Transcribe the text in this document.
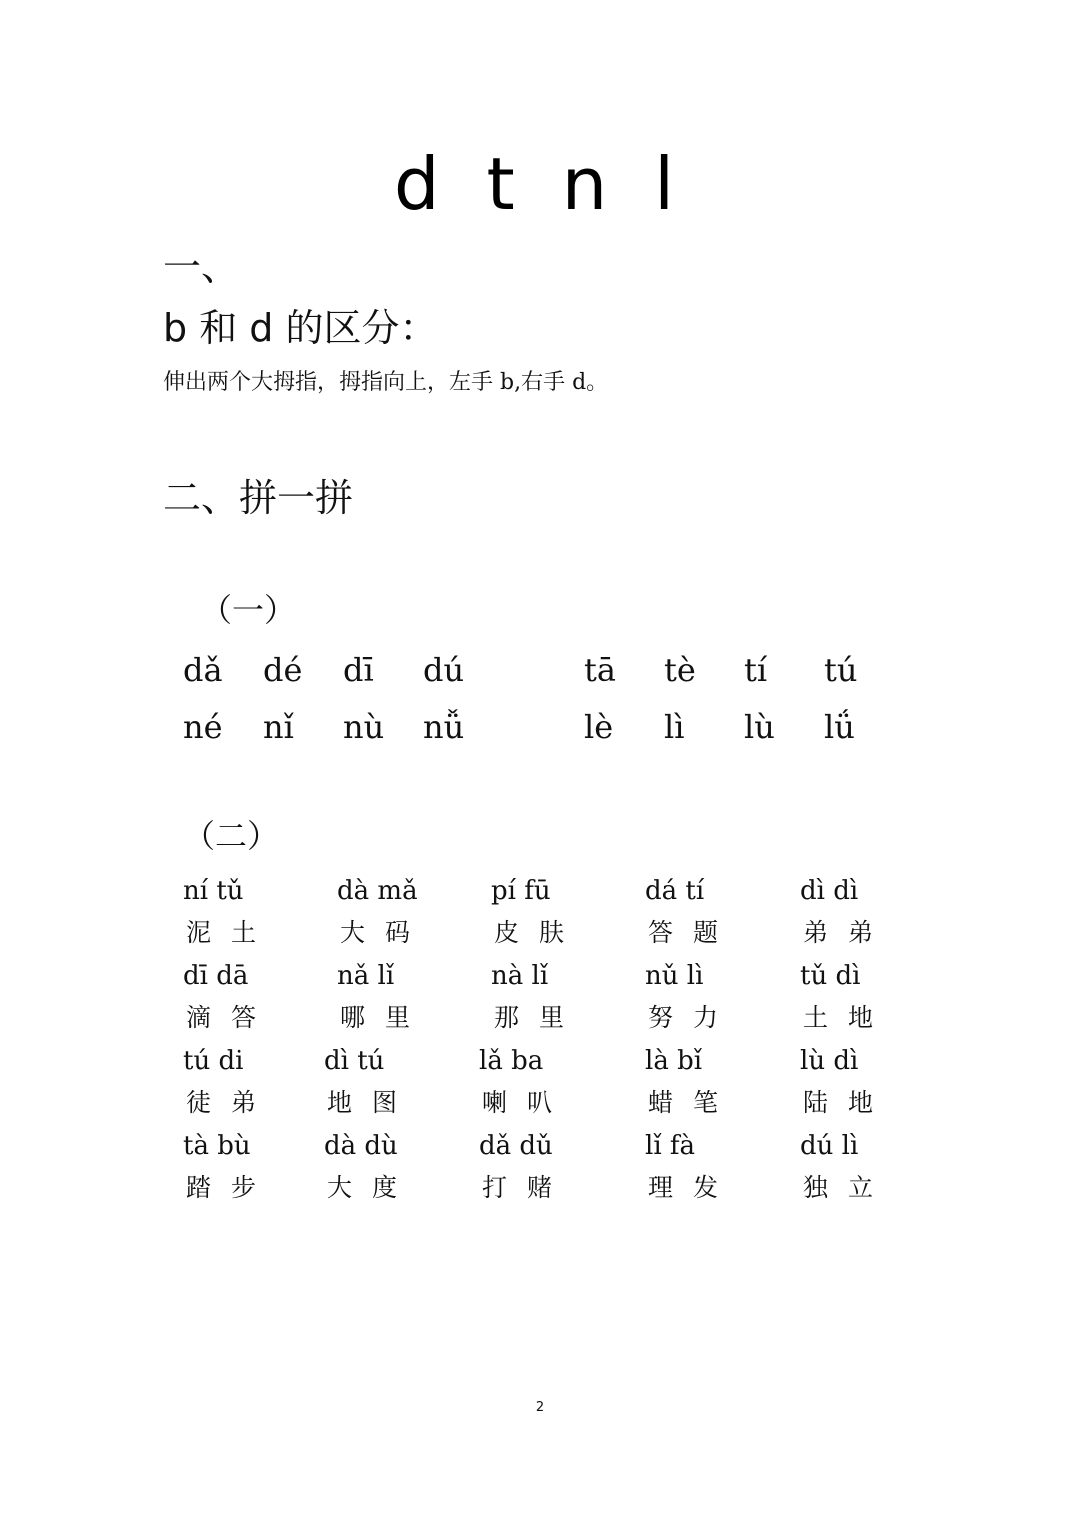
d t n l
一、
b 和 d 的区分：
伸出两个大拇指，拇指向上，左手 b,右手 d。
二、拼一拼
（一）
dǎ dé dī dú	tā tè tí tú
né nǐ nù nǚ	lè lì lù lǘ
（二）
ní tǔ
泥土
dà mǎ
大码
pí fū
皮肤
dá tí
答题
dì dì
弟弟
dī dā
滴答
nǎ lǐ
哪里
nà lǐ
那里
nǔ lì
努力
tǔ dì
土地
tú di
徒弟
dì tú
地图
lǎ ba
喇叭
là bǐ
蜡笔
lù dì
陆地
tà bù
踏步
dà dù
大度
dǎ dǔ
打赌
lǐ fà
理发
dú lì
独立
2
